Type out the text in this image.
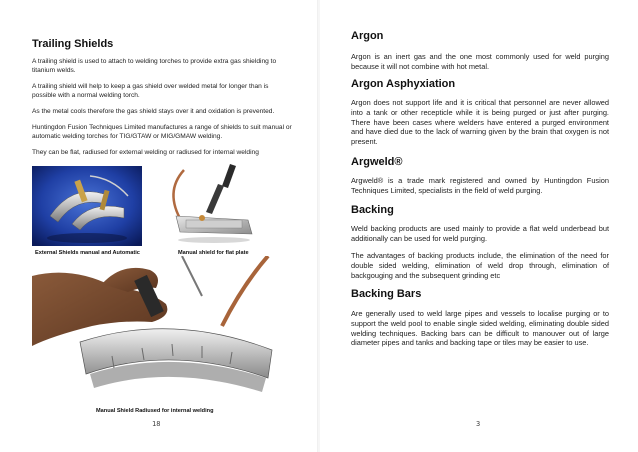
Trailing Shields

A trailing shield is used to attach to welding torches to provide extra gas shielding to titanium welds.

A trailing shield will help to keep a gas shield over welded metal for longer than is possible with a normal welding torch.

As the metal cools therefore the gas shield stays over it and oxidation is prevented.

Huntingdon Fusion Techniques Limited manufactures a range of shields to suit manual or automatic welding torches for TIG/GTAW or MIG/GMAW welding.

They can be flat, radiused for external welding or radiused for internal welding

External Shields manual and Automatic	Manual shield for flat plate
Manual Shield Radiused for internal welding
18
Argon

Argon is an inert gas and the one most commonly used for weld purging because it will not combine with hot metal.

Argon Asphyxiation

Argon does not support life and it is critical that personnel are never allowed into a tank or other recepticle while it is being purged or just after purging. There have been cases where welders have entered a purged environment and have died due to the lack of warning given by the brain that oxygen is not present.

Argweld®

Argweld® is a trade mark registered and owned by Huntingdon Fusion Techniques Limited, specialists in the field of weld purging.

Backing

Weld backing products are used mainly to provide a flat weld underbead but additionally can be used for weld purging.

The advantages of backing products include, the elimination of the need for double sided welding, elimination of weld drop through, elimination of backgouging and the subsequent grinding etc

Backing Bars

Are generally used to weld large pipes and vessels to localise purging or to support the weld pool to enable single sided welding, eliminating double sided welding techniques. Backing bars can be difficult to manouver out of large diameter pipes and tanks and backing tape or tiles may be easier to use.

3
